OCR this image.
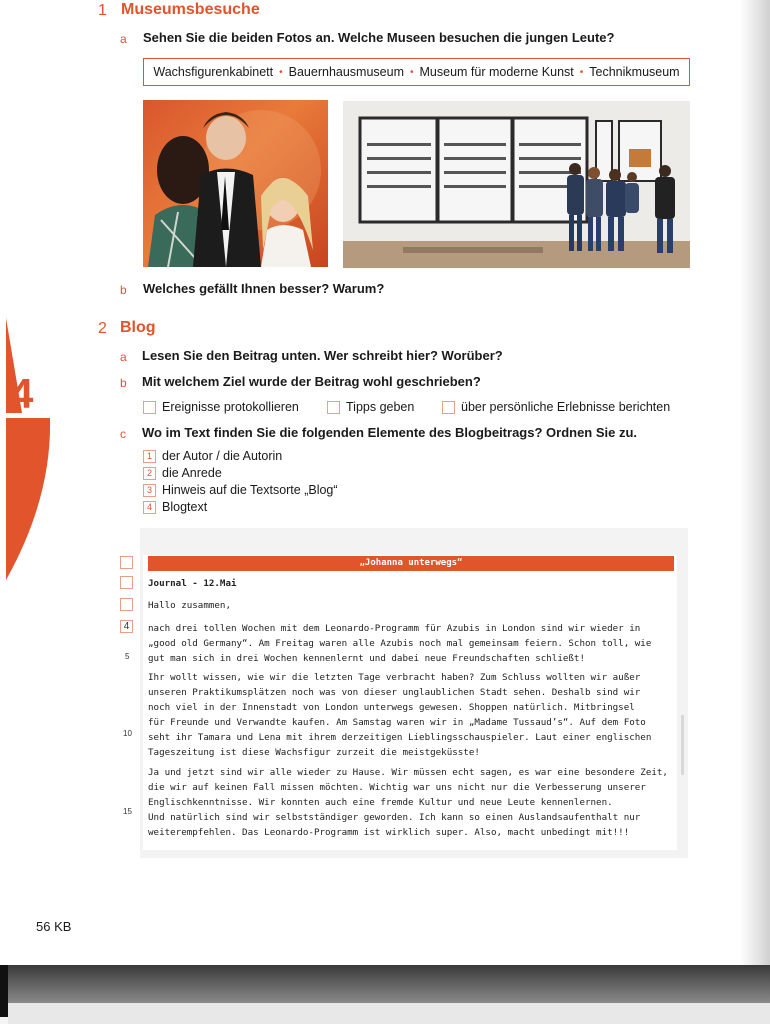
4
1 Museumsbesuche
a Sehen Sie die beiden Fotos an. Welche Museen besuchen die jungen Leute?
Wachsfigurenkabinett • Bauernhausmuseum • Museum für moderne Kunst • Technikmuseum
b Welches gefällt Ihnen besser? Warum?
2 Blog
a Lesen Sie den Beitrag unten. Wer schreibt hier? Worüber?
b Mit welchem Ziel wurde der Beitrag wohl geschrieben?
Ereignisse protokollieren	Tipps geben	über persönliche Erlebnisse berichten
c Wo im Text finden Sie die folgenden Elemente des Blogbeitrags? Ordnen Sie zu.
1 der Autor / die Autorin
2 die Anrede
3 Hinweis auf die Textsorte „Blog“
4 Blogtext
„Johanna unterwegs“
4
5
10
15
Journal - 12.Mai
Hallo zusammen,
nach drei tollen Wochen mit dem Leonardo-Programm für Azubis in London sind wir wieder in
„good old Germany“. Am Freitag waren alle Azubis noch mal gemeinsam feiern. Schon toll, wie
gut man sich in drei Wochen kennenlernt und dabei neue Freundschaften schließt!
Ihr wollt wissen, wie wir die letzten Tage verbracht haben? Zum Schluss wollten wir außer
unseren Praktikumsplätzen noch was von dieser unglaublichen Stadt sehen. Deshalb sind wir
noch viel in der Innenstadt von London unterwegs gewesen. Shoppen natürlich. Mitbringsel
für Freunde und Verwandte kaufen. Am Samstag waren wir in „Madame Tussaud’s“. Auf dem Foto
seht ihr Tamara und Lena mit ihrem derzeitigen Lieblingsschauspieler. Laut einer englischen
Tageszeitung ist diese Wachsfigur zurzeit die meistgeküsste!
Ja und jetzt sind wir alle wieder zu Hause. Wir müssen echt sagen, es war eine besondere Zeit,
die wir auf keinen Fall missen möchten. Wichtig war uns nicht nur die Verbesserung unserer
Englischkenntnisse. Wir konnten auch eine fremde Kultur und neue Leute kennenlernen.
Und natürlich sind wir selbstständiger geworden. Ich kann so einen Auslandsaufenthalt nur
weiterempfehlen. Das Leonardo-Programm ist wirklich super. Also, macht unbedingt mit!!!
56 KB
